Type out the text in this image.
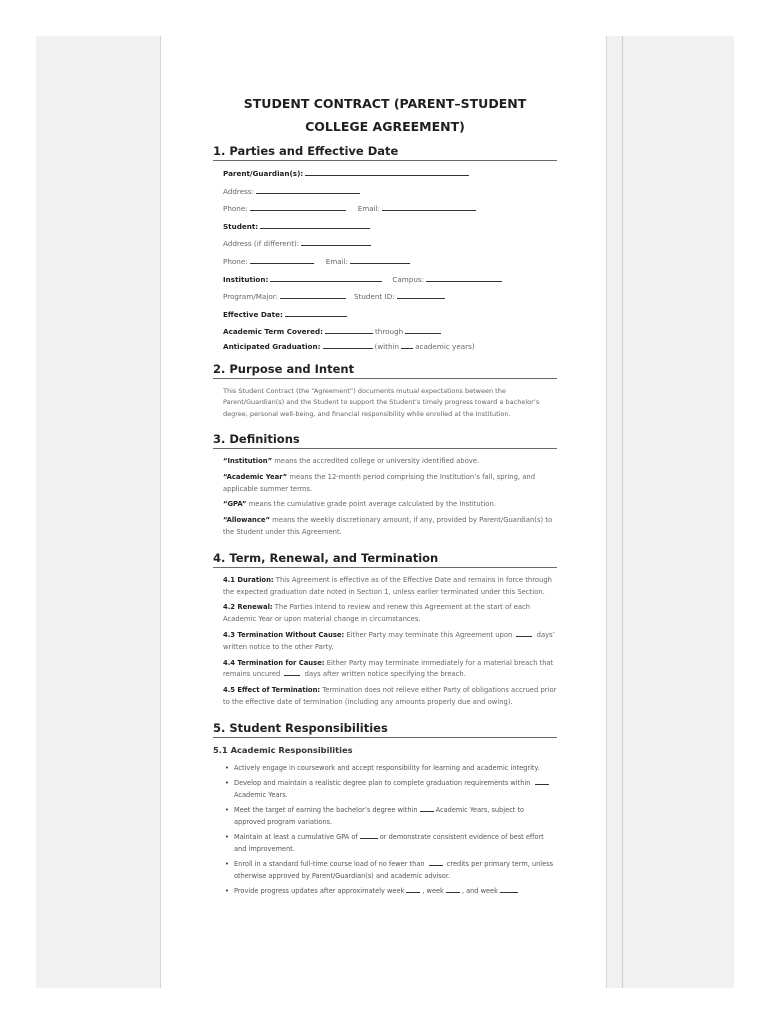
STUDENT CONTRACT (PARENT–STUDENT
COLLEGE AGREEMENT)
1. Parties and Effective Date
Parent/Guardian(s):
Address:
Phone:	Email:
Student:
Address (if different):
Phone:	Email:
Institution:	Campus:
Program/Major:	Student ID:
Effective Date:
Academic Term Covered:	through
Anticipated Graduation:	(within academic years)
2. Purpose and Intent
This Student Contract (the “Agreement”) documents mutual expectations between the Parent/Guardian(s) and the Student to support the Student’s timely progress toward a bachelor’s degree, personal well-being, and financial responsibility while enrolled at the Institution.
3. Definitions
“Institution” means the accredited college or university identified above.
“Academic Year” means the 12-month period comprising the Institution’s fall, spring, and applicable summer terms.
“GPA” means the cumulative grade point average calculated by the Institution.
“Allowance” means the weekly discretionary amount, if any, provided by Parent/Guardian(s) to the Student under this Agreement.
4. Term, Renewal, and Termination
4.1 Duration: This Agreement is effective as of the Effective Date and remains in force through the expected graduation date noted in Section 1, unless earlier terminated under this Section.
4.2 Renewal: The Parties intend to review and renew this Agreement at the start of each Academic Year or upon material change in circumstances.
4.3 Termination Without Cause: Either Party may terminate this Agreement upon	days’ written notice to the other Party.
4.4 Termination for Cause: Either Party may terminate immediately for a material breach that remains uncured	days after written notice specifying the breach.
4.5 Effect of Termination: Termination does not relieve either Party of obligations accrued prior to the effective date of termination (including any amounts properly due and owing).
5. Student Responsibilities
5.1 Academic Responsibilities
• Actively engage in coursework and accept responsibility for learning and academic integrity.
• Develop and maintain a realistic degree plan to complete graduation requirements within  Academic Years.
• Meet the target of earning the bachelor’s degree within	Academic Years, subject to approved program variations.
• Maintain at least a cumulative GPA of	or demonstrate consistent evidence of best effort and improvement.
• Enroll in a standard full-time course load of no fewer than	credits per primary term, unless otherwise approved by Parent/Guardian(s) and academic advisor.
• Provide progress updates after approximately week	, week	, and week
